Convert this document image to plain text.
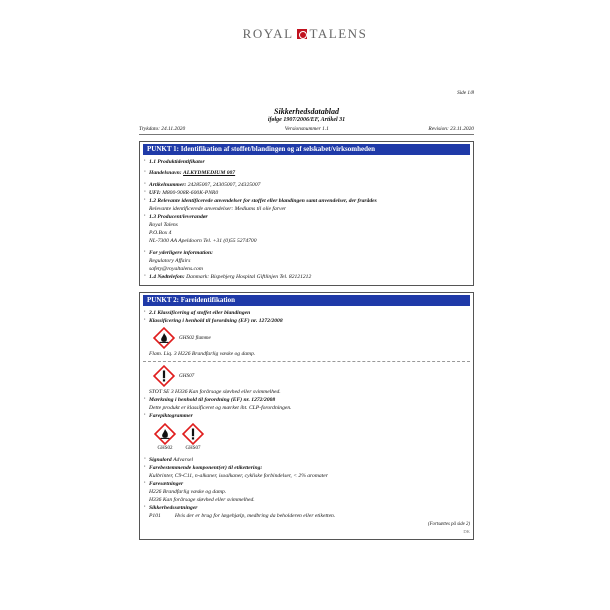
ROYAL TALENS
Side 1/8
Sikkerhedsdatablad
ifølge 1907/2006/EF, Artikel 31
Trykdato: 24.11.2020	Versionsnummer 1.1	Revision: 23.11.2020
PUNKT 1: Identifikation af stoffet/blandingen og af selskabet/virksomheden
· 1.1 Produktidentifikator
· Handelsnavn: ALKYDMEDIUM 007
· Artikelnummer: 24285007, 24305007, 24325007
· UFI: M800-908R-600K-PNR0
· 1.2 Relevante identificerede anvendelser for stoffet eller blandingen samt anvendelser, der frarådes
Relevante identificerede anvendelser: Mediums til olie farver
· 1.3 Producent/leverandør
Royal Talens
P.O.Box 4
NL-7300 AA Apeldoorn Tel. +31 (0)55 5274700
· For yderligere information:
Regulatory Affairs
safety@royaltalens.com
· 1.4 Nødtelefon: Danmark: Bispebjerg Hospital Giftlinjen Tel. 82121212
PUNKT 2: Fareidentifikation
· 2.1 Klassificering af stoffet eller blandingen
· Klassificering i henhold til forordning (EF) nr. 1272/2008
GHS02 flamme
Flam. Liq. 3 H226 Brandfarlig væske og damp.
GHS07
STOT SE 3 H336 Kan forårsage sløvhed eller svimmelhed.
· Mærkning i henhold til forordning (EF) nr. 1272/2008
Dette produkt er klassificeret og mærket iht. CLP-forordningen.
· Farepiktogrammer
GHS02	GHS07
· Signalord Advarsel
· Farebestemmende komponent(er) til etikettering:
Kulbrinter, C9-C11, n-alkaner, isoalkaner, cykliske forbindelser, < 2% aromater
· Faresætninger
H226 Brandfarlig væske og damp.
H336 Kan forårsage sløvhed eller svimmelhed.
· Sikkerhedssætninger
P101	Hvis der er brug for lægehjælp, medbring da beholderen eller etiketten.
(Fortsættes på side 2)
DK
